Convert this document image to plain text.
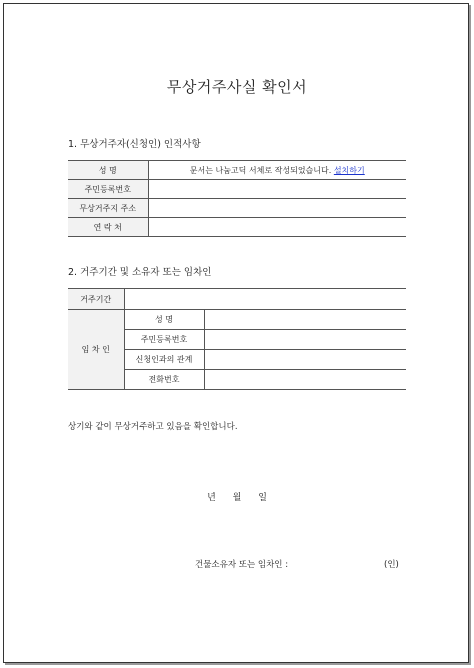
무상거주사실 확인서
1. 무상거주자(신청인) 인적사항
성 명	문서는 나눔고딕 서체로 작성되었습니다. 설치하기
주민등록번호	
무상거주지 주소	
연 락 처	
2. 거주기간 및 소유자 또는 임차인
거주기간		
임 차 인	성 명	
	주민등록번호	
	신청인과의 관계	
	전화번호	
상기와 같이 무상거주하고 있음을 확인합니다.
년 월 일
건물소유자 또는 임차인 :	(인)
